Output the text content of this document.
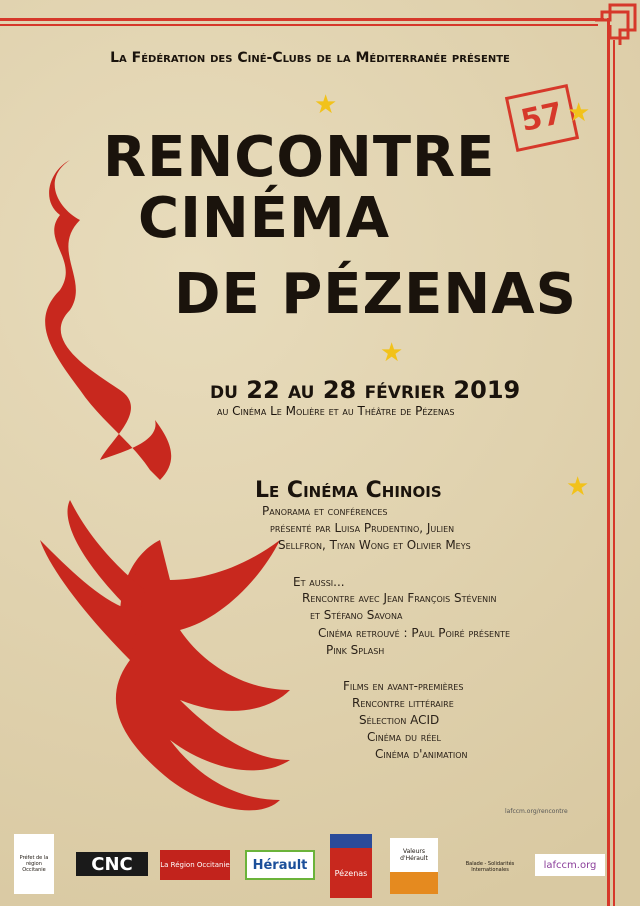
La Fédération des Ciné-Clubs de la Méditerranée présente
RENCONTRE
CINÉMA
DE PÉZENAS
57
★	★
★
★
du 22 au 28 février 2019
au Cinéma Le Molière et au Théâtre de Pézenas
Le Cinéma Chinois
Panorama et conférences
présenté par Luisa Prudentino, Julien
Sellfron, Tiyan Wong et Olivier Meys
Et aussi...
Rencontre avec Jean François Stévenin
et Stéfano Savona
Cinéma retrouvé : Paul Poiré présente
Pink Splash
Films en avant-premières
Rencontre littéraire
Sélection ACID
Cinéma du réel
Cinéma d'animation
lafccm.org/rencontre
Préfet de la région Occitanie	CNC	La Région Occitanie	Hérault
Pézenas
Valeurs d'Hérault
Balade - Solidarités Internationales	lafccm.org
